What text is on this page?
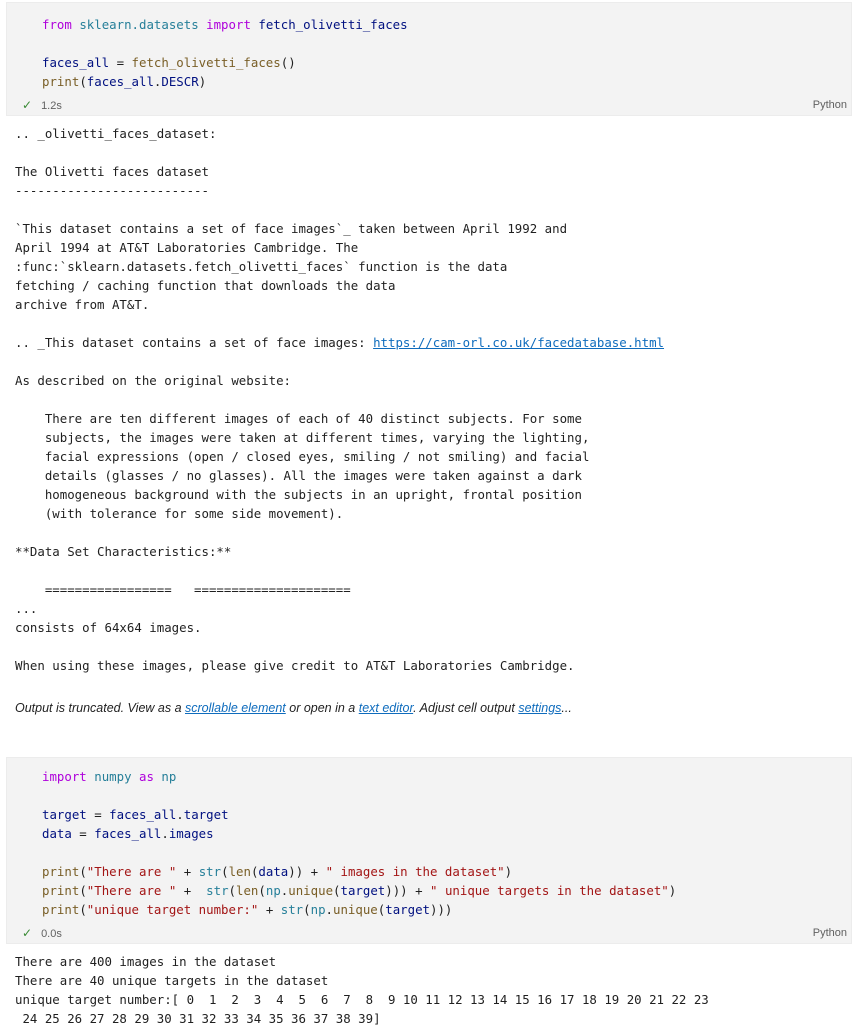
from sklearn.datasets import fetch_olivetti_faces
faces_all = fetch_olivetti_faces()
print(faces_all.DESCR)
✓ 1.2s	Python
.. _olivetti_faces_dataset:
The Olivetti faces dataset
--------------------------
`This dataset contains a set of face images`_ taken between April 1992 and
April 1994 at AT&T Laboratories Cambridge. The
:func:`sklearn.datasets.fetch_olivetti_faces` function is the data
fetching / caching function that downloads the data
archive from AT&T.
.. _This dataset contains a set of face images: https://cam-orl.co.uk/facedatabase.html
As described on the original website:
There are ten different images of each of 40 distinct subjects. For some
subjects, the images were taken at different times, varying the lighting,
facial expressions (open / closed eyes, smiling / not smiling) and facial
details (glasses / no glasses). All the images were taken against a dark
homogeneous background with the subjects in an upright, frontal position
(with tolerance for some side movement).
**Data Set Characteristics:**
=================   =====================
...
consists of 64x64 images.
When using these images, please give credit to AT&T Laboratories Cambridge.
Output is truncated. View as a scrollable element or open in a text editor. Adjust cell output settings...
import numpy as np
target = faces_all.target
data = faces_all.images
print("There are " + str(len(data)) + " images in the dataset")
print("There are " +  str(len(np.unique(target))) + " unique targets in the dataset")
print("unique target number:" + str(np.unique(target)))
✓ 0.0s	Python
There are 400 images in the dataset
There are 40 unique targets in the dataset
unique target number:[ 0  1  2  3  4  5  6  7  8  9 10 11 12 13 14 15 16 17 18 19 20 21 22 23
24 25 26 27 28 29 30 31 32 33 34 35 36 37 38 39]
